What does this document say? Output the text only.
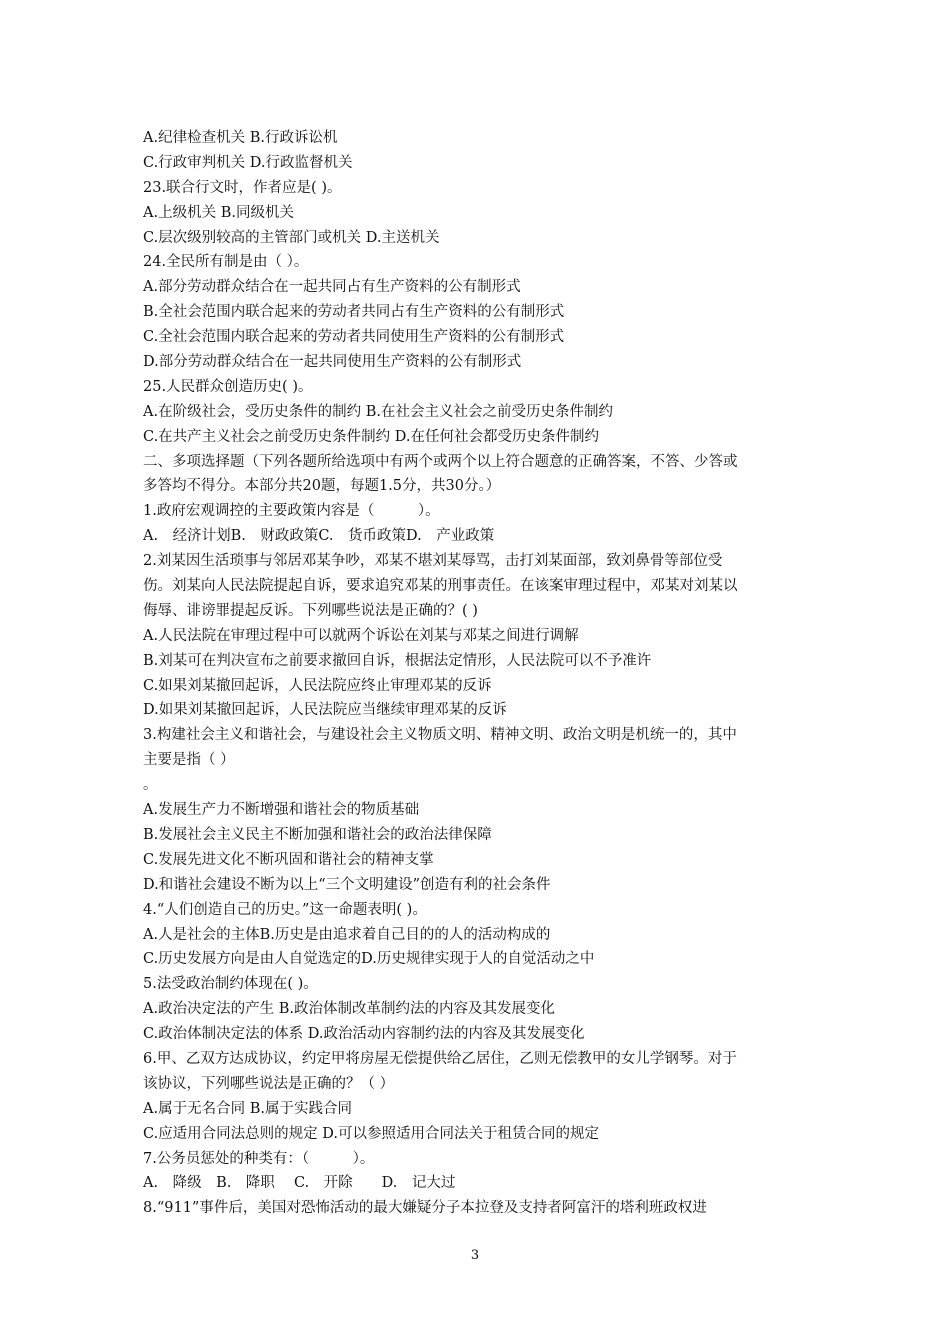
A.纪律检查机关 B.行政诉讼机
C.行政审判机关 D.行政监督机关
23.联合行文时，作者应是( )。
A.上级机关 B.同级机关
C.层次级别较高的主管部门或机关 D.主送机关
24.全民所有制是由（ ）。
A.部分劳动群众结合在一起共同占有生产资料的公有制形式
B.全社会范围内联合起来的劳动者共同占有生产资料的公有制形式
C.全社会范围内联合起来的劳动者共同使用生产资料的公有制形式
D.部分劳动群众结合在一起共同使用生产资料的公有制形式
25.人民群众创造历史( )。
A.在阶级社会，受历史条件的制约 B.在社会主义社会之前受历史条件制约
C.在共产主义社会之前受历史条件制约 D.在任何社会都受历史条件制约
二、多项选择题（下列各题所给选项中有两个或两个以上符合题意的正确答案，不答、少答或
多答均不得分。本部分共20题，每题1.5分，共30分。）
1.政府宏观调控的主要政策内容是（　　　）。
A.　经济计划B.　财政政策C.　货币政策D.　产业政策
2.刘某因生活琐事与邻居邓某争吵，邓某不堪刘某辱骂，击打刘某面部，致刘鼻骨等部位受
伤。刘某向人民法院提起自诉，要求追究邓某的刑事责任。在该案审理过程中，邓某对刘某以
侮辱、诽谤罪提起反诉。下列哪些说法是正确的？( )
A.人民法院在审理过程中可以就两个诉讼在刘某与邓某之间进行调解
B.刘某可在判决宣布之前要求撤回自诉，根据法定情形，人民法院可以不予准许
C.如果刘某撤回起诉，人民法院应终止审理邓某的反诉
D.如果刘某撤回起诉，人民法院应当继续审理邓某的反诉
3.构建社会主义和谐社会，与建设社会主义物质文明、精神文明、政治文明是机统一的，其中
主要是指（ ）
。
A.发展生产力不断增强和谐社会的物质基础
B.发展社会主义民主不断加强和谐社会的政治法律保障
C.发展先进文化不断巩固和谐社会的精神支掌
D.和谐社会建设不断为以上“三个文明建设”创造有利的社会条件
4.“人们创造自己的历史。”这一命题表明( )。
A.人是社会的主体B.历史是由追求着自己目的的人的活动构成的
C.历史发展方向是由人自觉选定的D.历史规律实现于人的自觉活动之中
5.法受政治制约体现在( )。
A.政治决定法的产生 B.政治体制改革制约法的内容及其发展变化
C.政治体制决定法的体系 D.政治活动内容制约法的内容及其发展变化
6.甲、乙双方达成协议，约定甲将房屋无偿提供给乙居住，乙则无偿教甲的女儿学钢琴。对于
该协议，下列哪些说法是正确的？（ ）
A.属于无名合同 B.属于实践合同
C.应适用合同法总则的规定 D.可以参照适用合同法关于租赁合同的规定
7.公务员惩处的种类有：（　　　）。
A.　降级　B.　降职　 C.　开除　　D.　记大过
8.“911”事件后，美国对恐怖活动的最大嫌疑分子本拉登及支持者阿富汗的塔利班政权进
3
